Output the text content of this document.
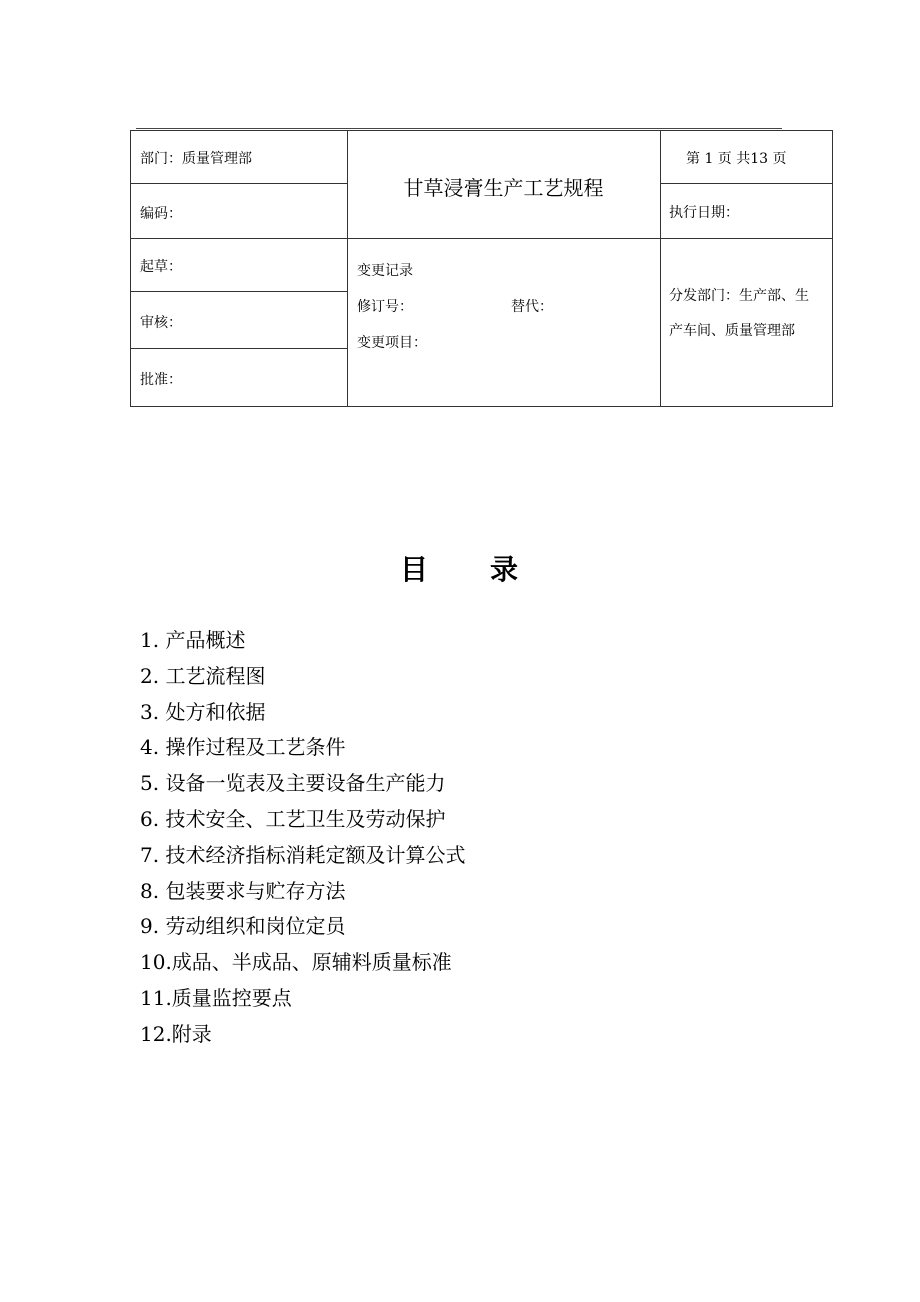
部门：质量管理部
编码：
甘草浸膏生产工艺规程
第 1 页 共13 页
执行日期：
起草：
审核：
批准：
变更记录
修订号：	替代：
变更项目：
分发部门：生产部、生
产车间、质量管理部
目　　录
1. 产品概述
2. 工艺流程图
3. 处方和依据
4. 操作过程及工艺条件
5. 设备一览表及主要设备生产能力
6. 技术安全、工艺卫生及劳动保护
7. 技术经济指标消耗定额及计算公式
8. 包装要求与贮存方法
9. 劳动组织和岗位定员
10.成品、半成品、原辅料质量标准
11.质量监控要点
12.附录
